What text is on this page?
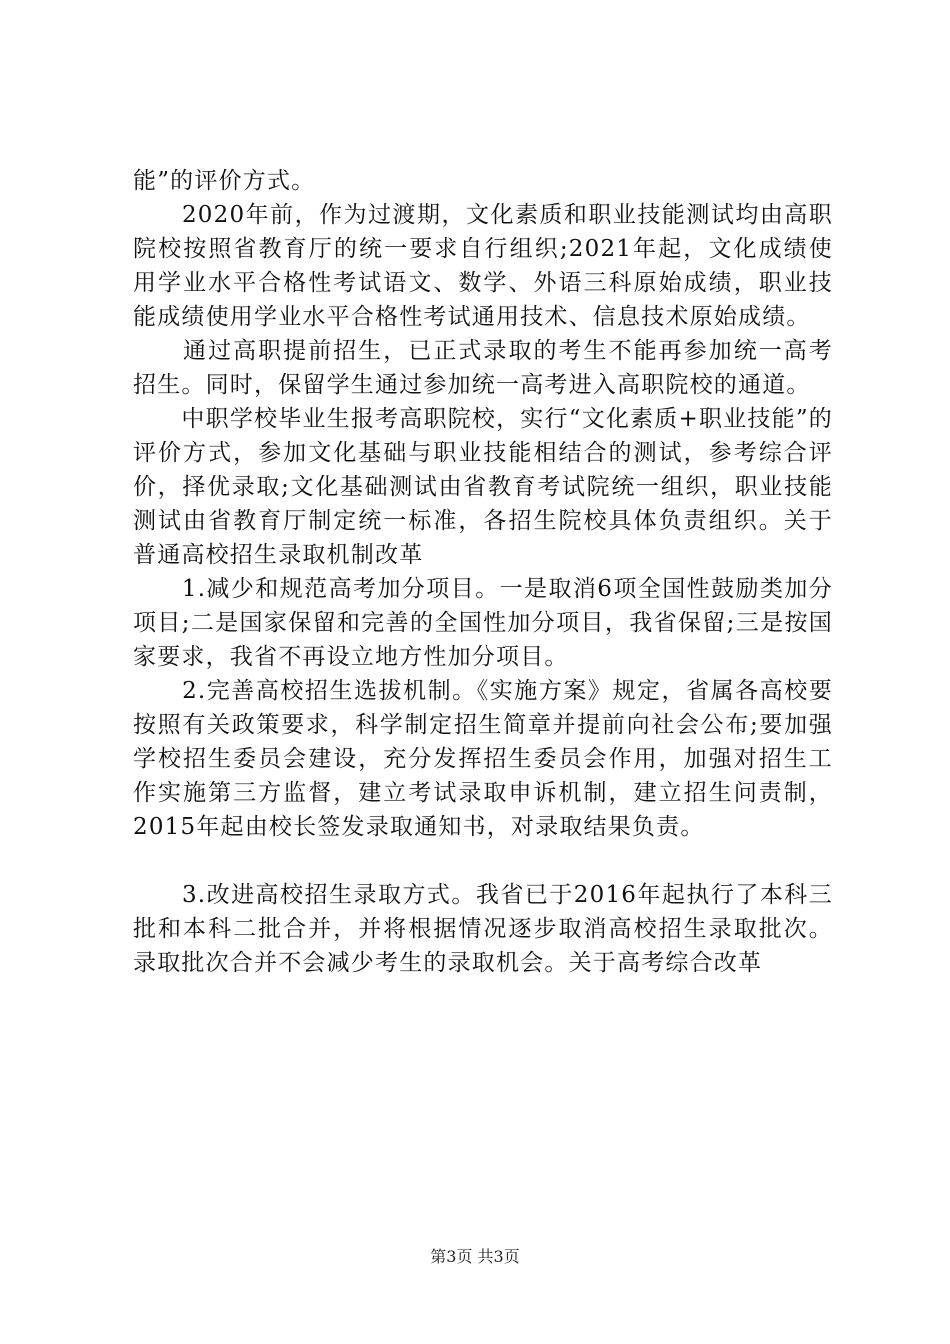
能”的评价方式。

　　2020年前，作为过渡期，文化素质和职业技能测试均由高职院校按照省教育厅的统一要求自行组织;2021年起，文化成绩使用学业水平合格性考试语文、数学、外语三科原始成绩，职业技能成绩使用学业水平合格性考试通用技术、信息技术原始成绩。

　　通过高职提前招生，已正式录取的考生不能再参加统一高考招生。同时，保留学生通过参加统一高考进入高职院校的通道。

　　中职学校毕业生报考高职院校，实行“文化素质+职业技能”的评价方式，参加文化基础与职业技能相结合的测试，参考综合评价，择优录取;文化基础测试由省教育考试院统一组织，职业技能测试由省教育厅制定统一标准，各招生院校具体负责组织。关于普通高校招生录取机制改革

　　1.减少和规范高考加分项目。一是取消6项全国性鼓励类加分项目;二是国家保留和完善的全国性加分项目，我省保留;三是按国家要求，我省不再设立地方性加分项目。

　　2.完善高校招生选拔机制。《实施方案》规定，省属各高校要按照有关政策要求，科学制定招生简章并提前向社会公布;要加强学校招生委员会建设，充分发挥招生委员会作用，加强对招生工作实施第三方监督，建立考试录取申诉机制，建立招生问责制，2015年起由校长签发录取通知书，对录取结果负责。

　　3.改进高校招生录取方式。我省已于2016年起执行了本科三批和本科二批合并，并将根据情况逐步取消高校招生录取批次。录取批次合并不会减少考生的录取机会。关于高考综合改革

第3页 共3页
